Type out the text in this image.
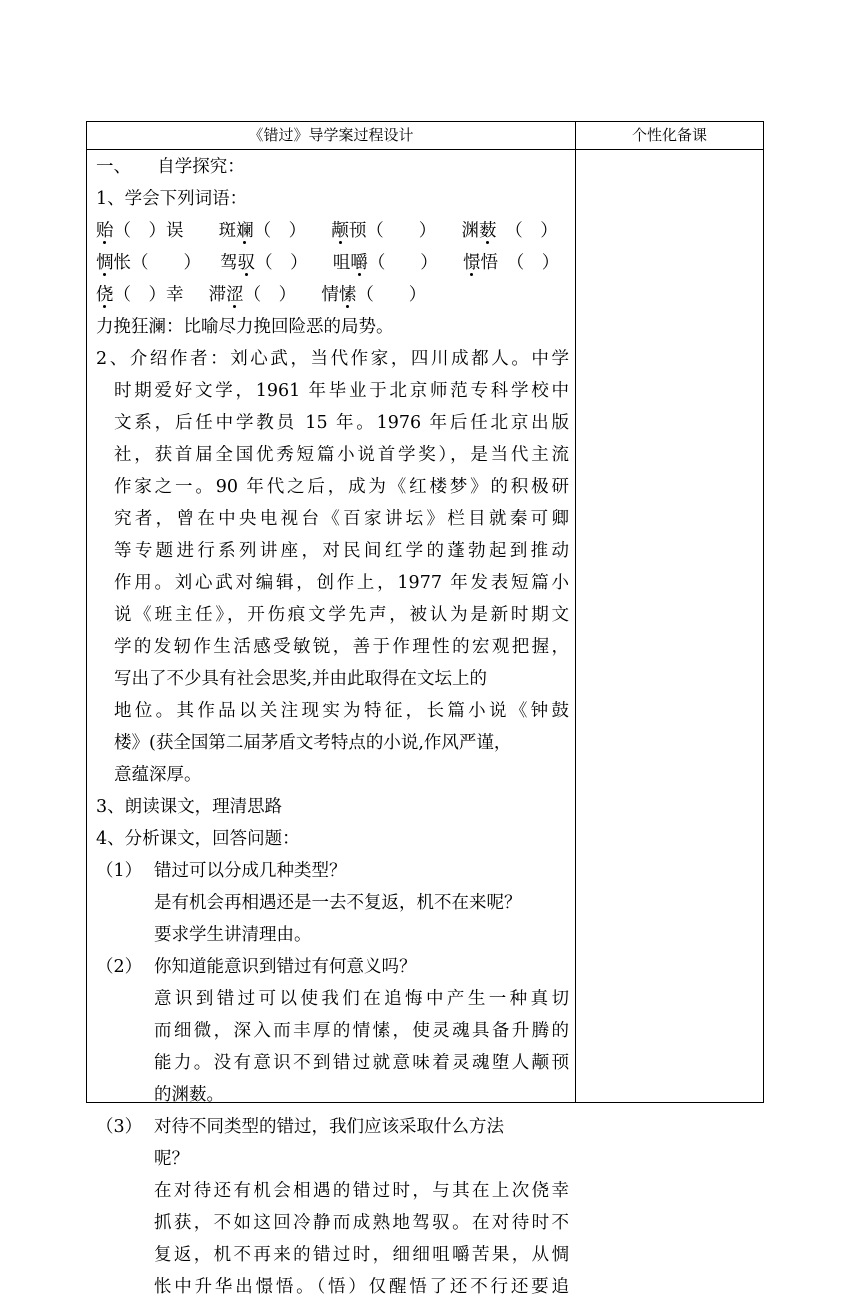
《错过》导学案过程设计	个性化备课
一、　　自学探究：
1、学会下列词语：
贻（　）误 斑斓（　） 颟顸（　　） 渊薮　（　）
惆怅（　　） 驾驭（　） 咀嚼（　　） 憬悟　（　）
侥（　）幸 滞涩（　） 情愫（　　）
力挽狂澜：比喻尽力挽回险恶的局势。
2、介绍作者：刘心武，当代作家，四川成都人。中学
时期爱好文学，1961 年毕业于北京师范专科学校中
文系，后任中学教员 15 年。1976 年后任北京出版
社，获首届全国优秀短篇小说首学奖），是当代主流
作家之一。90 年代之后，成为《红楼梦》的积极研
究者，曾在中央电视台《百家讲坛》栏目就秦可卿
等专题进行系列讲座，对民间红学的蓬勃起到推动
作用。刘心武对编辑，创作上，1977 年发表短篇小
说《班主任》，开伤痕文学先声，被认为是新时期文
学的发轫作生活感受敏锐，善于作理性的宏观把握，
写出了不少具有社会思奖,并由此取得在文坛上的
地位。其作品以关注现实为特征，长篇小说《钟鼓
楼》(获全国第二届茅盾文考特点的小说,作风严谨，
意蕴深厚。
3、朗读课文，理清思路
4、分析课文，回答问题：
（1） 错过可以分成几种类型？
是有机会再相遇还是一去不复返，机不在来呢？
要求学生讲清理由。
（2） 你知道能意识到错过有何意义吗？
意识到错过可以使我们在追悔中产生一种真切
而细微，深入而丰厚的情愫，使灵魂具备升腾的
能力。没有意识不到错过就意味着灵魂堕人颟顸
的渊薮。
（3） 对待不同类型的错过，我们应该采取什么方法
呢？
在对待还有机会相遇的错过时，与其在上次侥幸
抓获，不如这回冷静而成熟地驾驭。在对待时不
复返，机不再来的错过时，细细咀嚼苦果，从惆
怅中升华出憬悟。（悟）仅醒悟了还不行还要追
